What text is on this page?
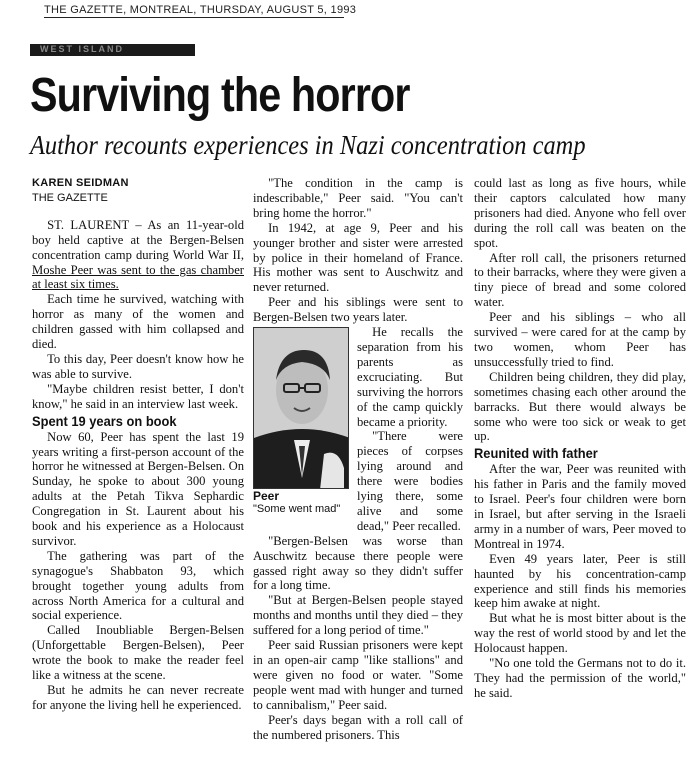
THE GAZETTE, MONTREAL, THURSDAY, AUGUST 5, 1993
WEST ISLAND
Surviving the horror
Author recounts experiences in Nazi concentration camp

KAREN SEIDMAN

THE GAZETTE

ST. LAURENT – As an 11-year-old boy held captive at the Bergen-Belsen concentration camp during World War II, Moshe Peer was sent to the gas chamber at least six times.

Each time he survived, watching with horror as many of the women and children gassed with him collapsed and died.

To this day, Peer doesn't know how he was able to survive.

"Maybe children resist better, I don't know," he said in an interview last week.

Spent 19 years on book

Now 60, Peer has spent the last 19 years writing a first-person account of the horror he witnessed at Bergen-Belsen. On Sunday, he spoke to about 300 young adults at the Petah Tikva Sephardic Congregation in St. Laurent about his book and his experience as a Holocaust survivor.

The gathering was part of the synagogue's Shabbaton 93, which brought together young adults from across North America for a cultural and social experience.

Called Inoubliable Bergen-Belsen (Unforgettable Bergen-Belsen), Peer wrote the book to make the reader feel like a witness at the scene.

But he admits he can never recreate for anyone the living hell he experienced.

"The condition in the camp is indescribable," Peer said. "You can't bring home the horror."

In 1942, at age 9, Peer and his younger brother and sister were arrested by police in their homeland of France. His mother was sent to Auschwitz and never returned.

Peer and his siblings were sent to Bergen-Belsen two years later.

Peer

"Some went mad"

He recalls the separation from his parents as excruciating. But surviving the horrors of the camp quickly became a priority.

"There were pieces of corpses lying around and there were bodies lying there, some alive and some dead," Peer recalled.

"Bergen-Belsen was worse than Auschwitz because there people were gassed right away so they didn't suffer for a long time.

"But at Bergen-Belsen people stayed months and months until they died – they suffered for a long period of time."

Peer said Russian prisoners were kept in an open-air camp "like stallions" and were given no food or water. "Some people went mad with hunger and turned to cannibalism," Peer said.

Peer's days began with a roll call of the numbered prisoners. This

could last as long as five hours, while their captors calculated how many prisoners had died. Anyone who fell over during the roll call was beaten on the spot.

After roll call, the prisoners returned to their barracks, where they were given a tiny piece of bread and some colored water.

Peer and his siblings – who all survived – were cared for at the camp by two women, whom Peer has unsuccessfully tried to find.

Children being children, they did play, sometimes chasing each other around the barracks. But there would always be some who were too sick or weak to get up.

Reunited with father

After the war, Peer was reunited with his father in Paris and the family moved to Israel. Peer's four children were born in Israel, but after serving in the Israeli army in a number of wars, Peer moved to Montreal in 1974.

Even 49 years later, Peer is still haunted by his concentration-camp experience and still finds his memories keep him awake at night.

But what he is most bitter about is the way the rest of world stood by and let the Holocaust happen.

"No one told the Germans not to do it. They had the permission of the world," he said.
